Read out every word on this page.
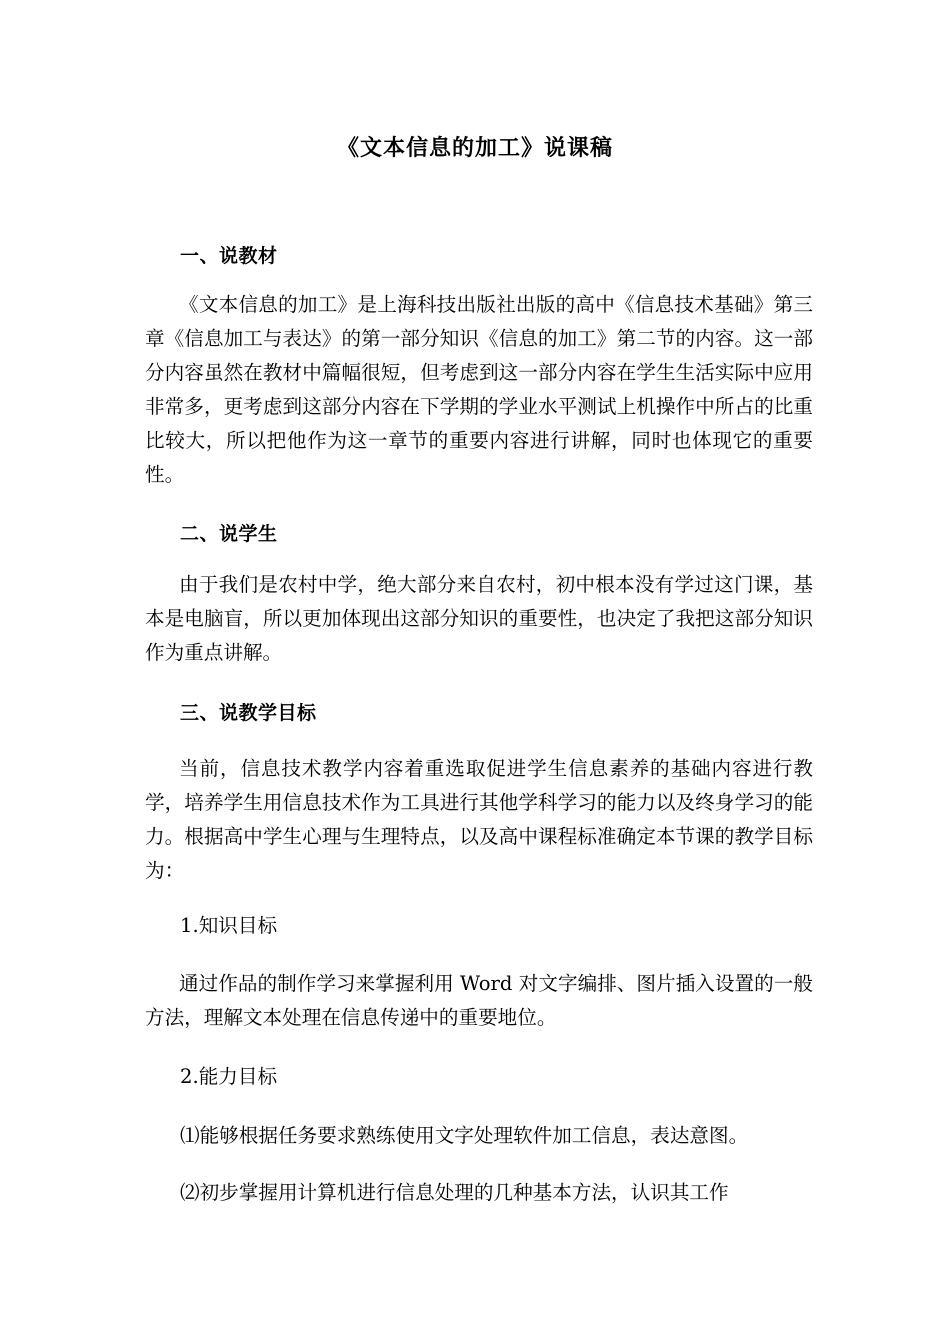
《文本信息的加工》说课稿
一、说教材
《文本信息的加工》是上海科技出版社出版的高中《信息技术基础》第三章《信息加工与表达》的第一部分知识《信息的加工》第二节的内容。这一部分内容虽然在教材中篇幅很短，但考虑到这一部分内容在学生生活实际中应用非常多，更考虑到这部分内容在下学期的学业水平测试上机操作中所占的比重比较大，所以把他作为这一章节的重要内容进行讲解，同时也体现它的重要性。
二、说学生
由于我们是农村中学，绝大部分来自农村，初中根本没有学过这门课，基本是电脑盲，所以更加体现出这部分知识的重要性，也决定了我把这部分知识作为重点讲解。
三、说教学目标
当前，信息技术教学内容着重选取促进学生信息素养的基础内容进行教学，培养学生用信息技术作为工具进行其他学科学习的能力以及终身学习的能力。根据高中学生心理与生理特点，以及高中课程标准确定本节课的教学目标为：
1.知识目标
通过作品的制作学习来掌握利用 Word 对文字编排、图片插入设置的一般方法，理解文本处理在信息传递中的重要地位。
2.能力目标
⑴能够根据任务要求熟练使用文字处理软件加工信息，表达意图。
⑵初步掌握用计算机进行信息处理的几种基本方法，认识其工作
